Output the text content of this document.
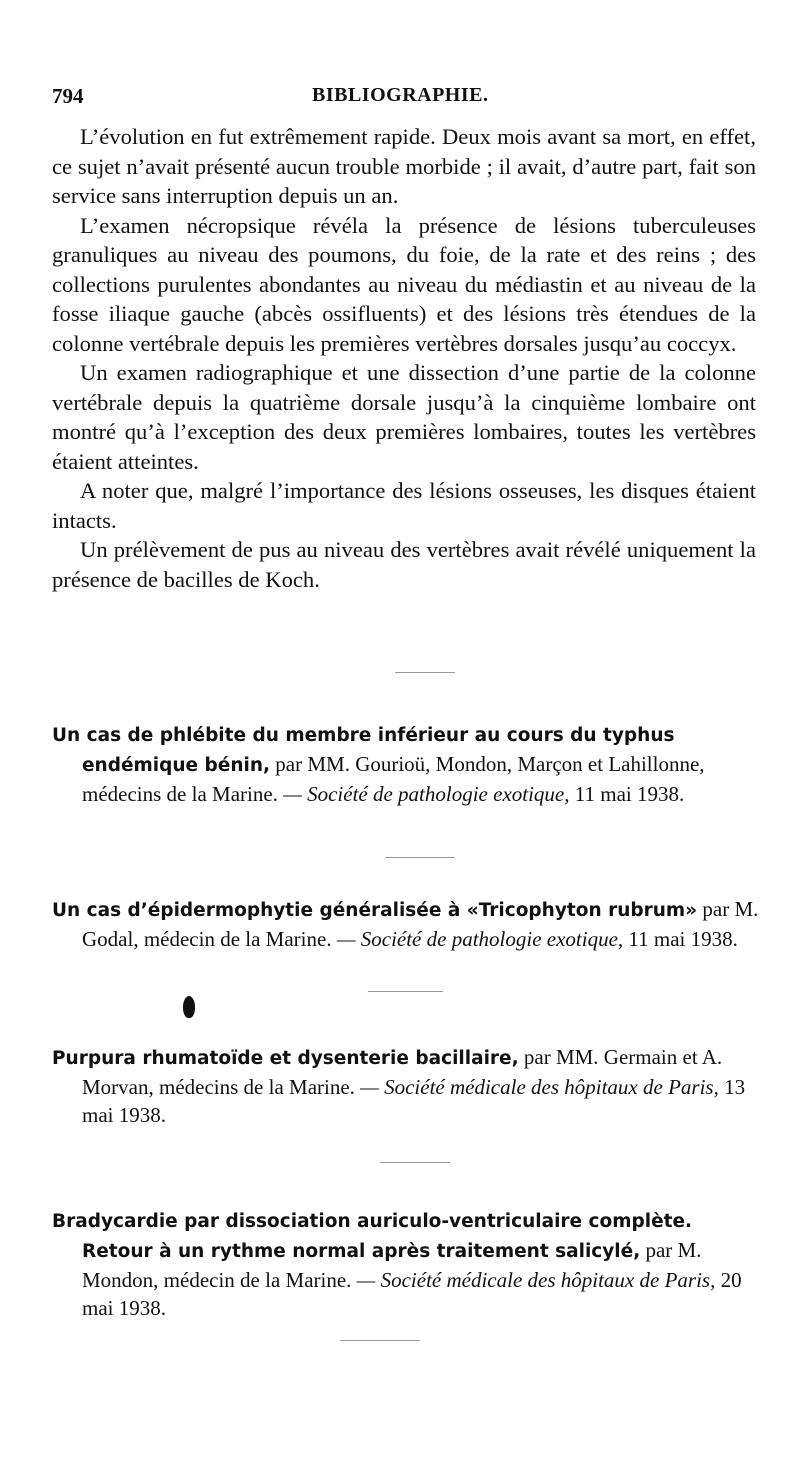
794	BIBLIOGRAPHIE.

L’évolution en fut extrêmement rapide. Deux mois avant sa mort, en effet, ce sujet n’avait présenté aucun trouble morbide ; il avait, d’autre part, fait son service sans interruption depuis un an.

L’examen nécropsique révéla la présence de lésions tuberculeuses granuliques au niveau des poumons, du foie, de la rate et des reins ; des collections purulentes abondantes au niveau du médiastin et au niveau de la fosse iliaque gauche (abcès ossifluents) et des lésions très étendues de la colonne vertébrale depuis les premières vertèbres dorsales jusqu’au coccyx.

Un examen radiographique et une dissection d’une partie de la colonne vertébrale depuis la quatrième dorsale jusqu’à la cinquième lombaire ont montré qu’à l’exception des deux premières lombaires, toutes les vertèbres étaient atteintes.

A noter que, malgré l’importance des lésions osseuses, les disques étaient intacts.

Un prélèvement de pus au niveau des vertèbres avait révélé uniquement la présence de bacilles de Koch.

Un cas de phlébite du membre inférieur au cours du typhus endémique bénin, par MM. Gourioü, Mondon, Marçon et Lahillonne, médecins de la Marine. — Société de pathologie exotique, 11 mai 1938.

Un cas d’épidermophytie généralisée à «Tricophyton rubrum» par M. Godal, médecin de la Marine. — Société de pathologie exotique, 11 mai 1938.

Purpura rhumatoïde et dysenterie bacillaire, par MM. Germain et A. Morvan, médecins de la Marine. — Société médicale des hôpitaux de Paris, 13 mai 1938.

Bradycardie par dissociation auriculo-ventriculaire complète. Retour à un rythme normal après traitement salicylé, par M. Mondon, médecin de la Marine. — Société médicale des hôpitaux de Paris, 20 mai 1938.
